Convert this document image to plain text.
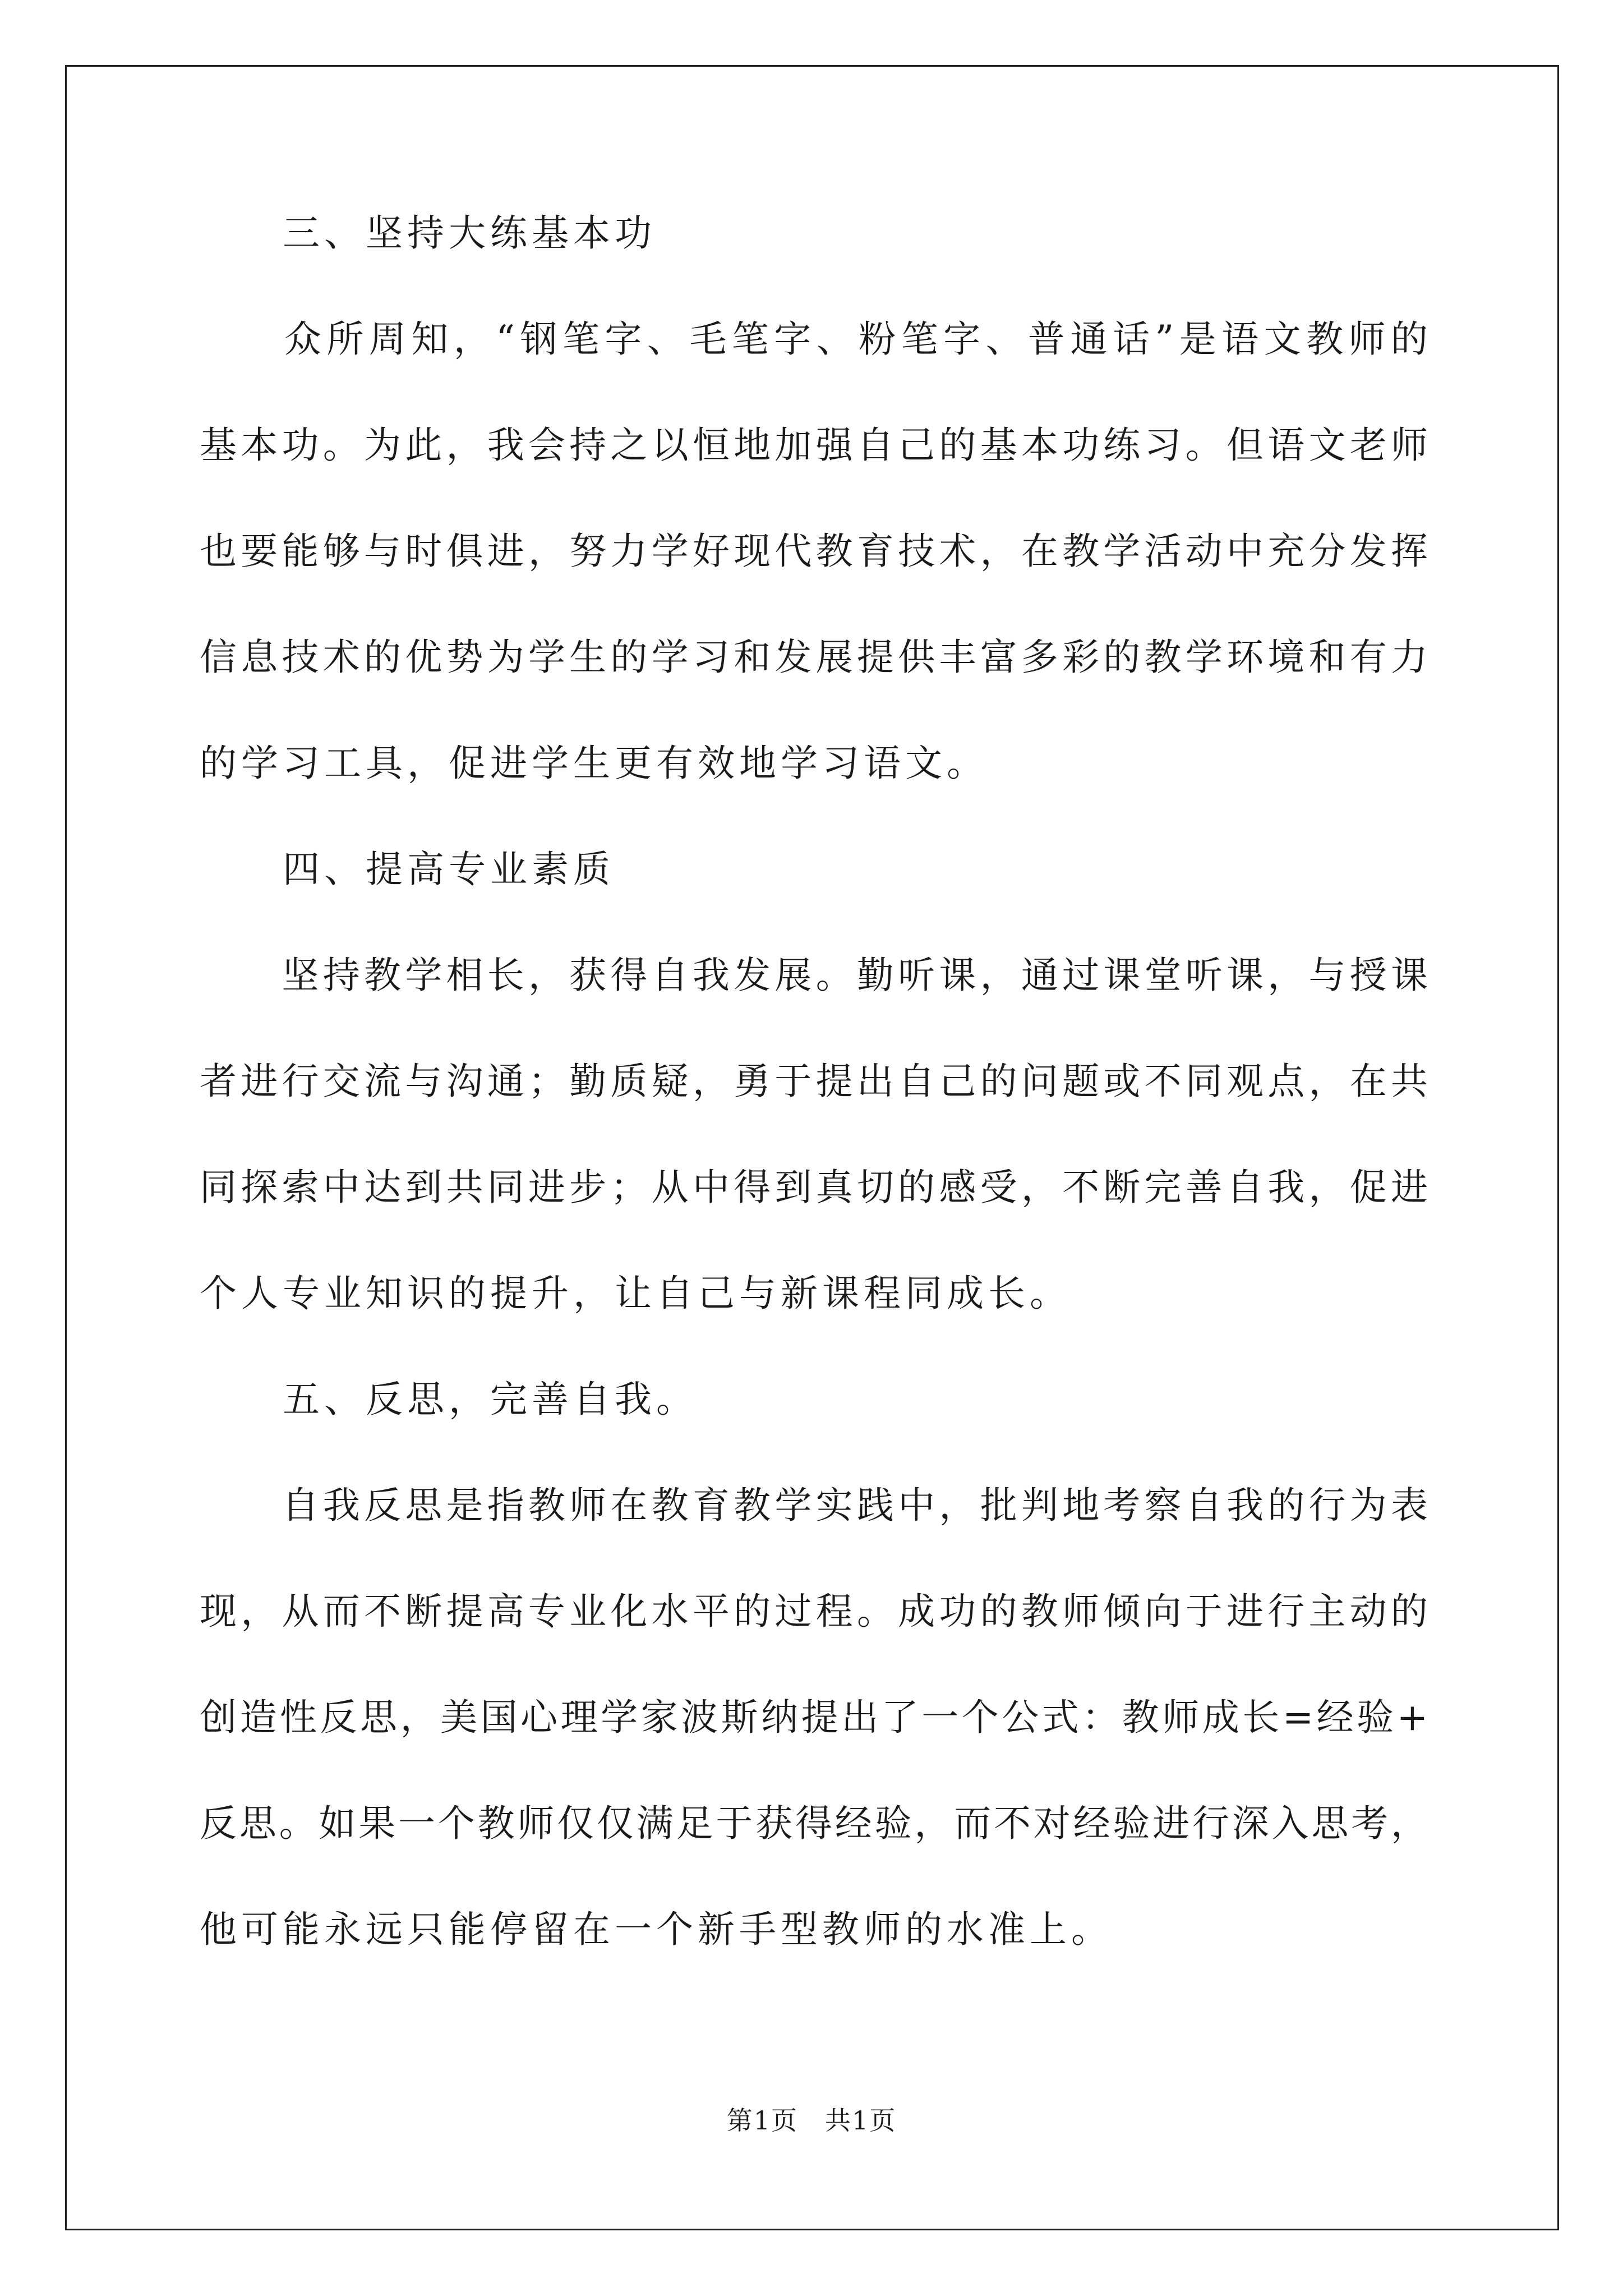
　　三、坚持大练基本功
　　众所周知，“钢笔字、毛笔字、粉笔字、普通话”是语文教师的
基本功。为此，我会持之以恒地加强自己的基本功练习。但语文老师
也要能够与时俱进，努力学好现代教育技术，在教学活动中充分发挥
信息技术的优势为学生的学习和发展提供丰富多彩的教学环境和有力
的学习工具，促进学生更有效地学习语文。
　　四、提高专业素质
　　坚持教学相长，获得自我发展。勤听课，通过课堂听课，与授课
者进行交流与沟通；勤质疑，勇于提出自己的问题或不同观点，在共
同探索中达到共同进步；从中得到真切的感受，不断完善自我，促进
个人专业知识的提升，让自己与新课程同成长。
　　五、反思，完善自我。
　　自我反思是指教师在教育教学实践中，批判地考察自我的行为表
现，从而不断提高专业化水平的过程。成功的教师倾向于进行主动的
创造性反思，美国心理学家波斯纳提出了一个公式：教师成长=经验+
反思。如果一个教师仅仅满足于获得经验，而不对经验进行深入思考，
他可能永远只能停留在一个新手型教师的水准上。
第1页　共1页
